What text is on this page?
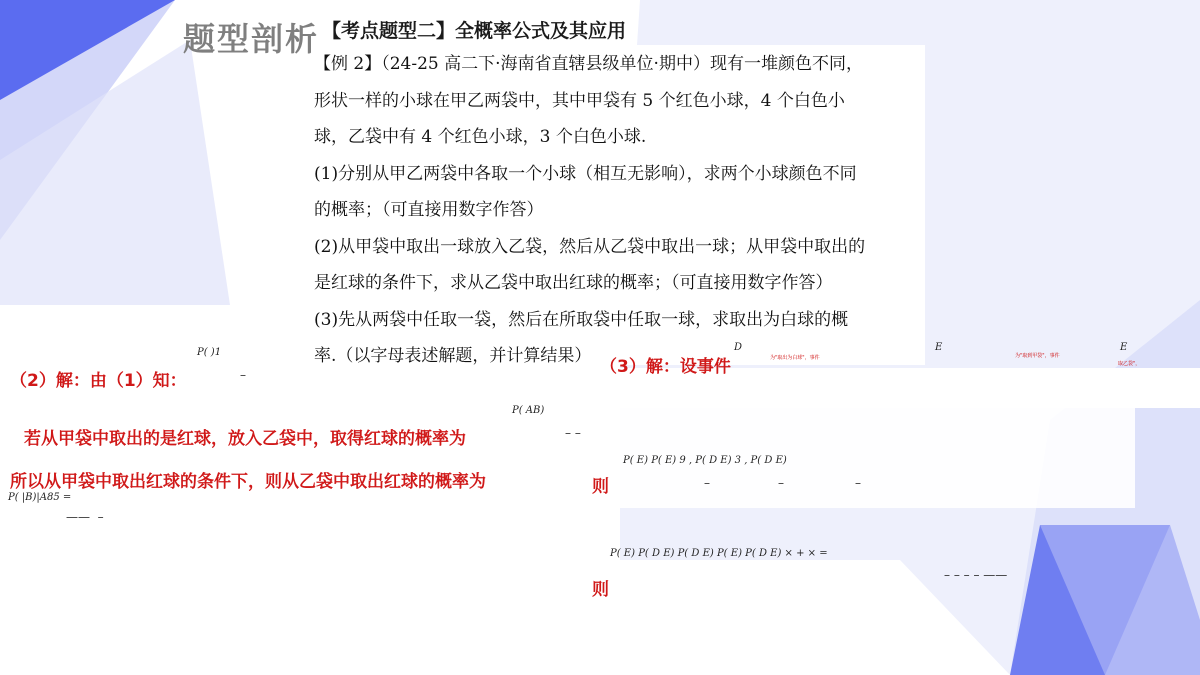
题型剖析 【考点题型二】全概率公式及其应用

【例 2】（24-25 高二下·海南省直辖县级单位·期中）现有一堆颜色不同，

形状一样的小球在甲乙两袋中，其中甲袋有 5 个红色小球，4 个白色小

球，乙袋中有 4 个红色小球，3 个白色小球.

(1)分别从甲乙两袋中各取一个小球（相互无影响），求两个小球颜色不同

的概率；（可直接用数字作答）

(2)从甲袋中取出一球放入乙袋，然后从乙袋中取出一球；从甲袋中取出的

是红球的条件下，求从乙袋中取出红球的概率；（可直接用数字作答）

(3)先从两袋中任取一袋，然后在所取袋中任取一球，求取出为白球的概

率.（以字母表述解题，并计算结果）

（2）解：由（1）知：
P( )1
–
P( AB)
若从甲袋中取出的是红球，放入乙袋中，取得红球的概率为	– –
所以从甲袋中取出红球的条件下，则从乙袋中取出红球的概率为
P( |B)|A85 =
——  –
（3）解：设事件
D
为"取出为白球"，事件
E
为"取到甲袋"，事件
E
取乙袋"，
则
P( E) P( E) 9 , P( D E) 3 , P( D E)
–	–	–
则
P( E) P( D E) P( D E) P( E) P( D E) × + × =
– – – – ——
